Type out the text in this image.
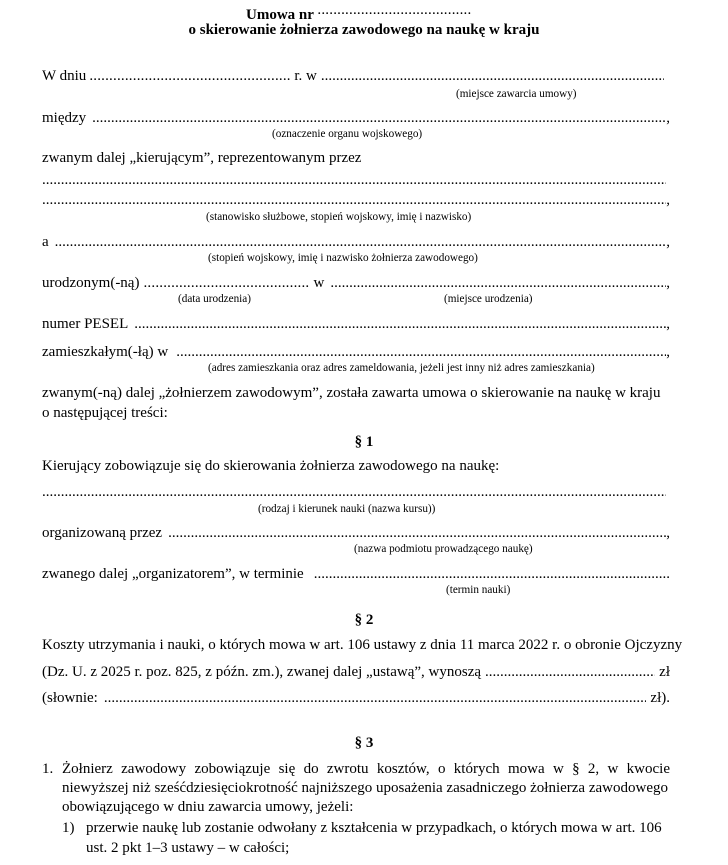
Umowa nr .....
o skierowanie żołnierza zawodowego na naukę w kraju
W dniu .....	r. w
.....
(miejsce zawarcia umowy)
między .....	,
(oznaczenie organu wojskowego)
zwanym dalej „kierującym”, reprezentowanym przez
.....
.....
,
(stanowisko służbowe, stopień wojskowy, imię i nazwisko)
a .....	,
(stopień wojskowy, imię i nazwisko żołnierza zawodowego)
urodzonym(-ną) .....	w .....	,
(data urodzenia)	(miejsce urodzenia)
numer PESEL .....	,
zamieszkałym(-łą) w .....	,
(adres zamieszkania oraz adres zameldowania, jeżeli jest inny niż adres zamieszkania)
zwanym(-ną) dalej „żołnierzem zawodowym”, została zawarta umowa o skierowanie na naukę w kraju
o następującej treści:
§ 1
Kierujący zobowiązuje się do skierowania żołnierza zawodowego na naukę:
.....
(rodzaj i kierunek nauki (nazwa kursu))
organizowaną przez .....	,
(nazwa podmiotu prowadzącego naukę)
zwanego dalej „organizatorem”, w terminie .....	.
(termin nauki)
§ 2
Koszty utrzymania i nauki, o których mowa w art. 106 ustawy z dnia 11 marca 2022 r. o obronie Ojczyzny
(Dz. U. z 2025 r. poz. 825, z późn. zm.), zwanej dalej „ustawą”, wynoszą .....	zł
(słownie: .....	zł).
§ 3
1. Żołnierz zawodowy zobowiązuje się do zwrotu kosztów, o których mowa w § 2, w kwocie
niewyższej niż sześćdziesięciokrotność najniższego uposażenia zasadniczego żołnierza zawodowego
obowiązującego w dniu zawarcia umowy, jeżeli:
1) przerwie naukę lub zostanie odwołany z kształcenia w przypadkach, o których mowa w art. 106
ust. 2 pkt 1–3 ustawy – w całości;
